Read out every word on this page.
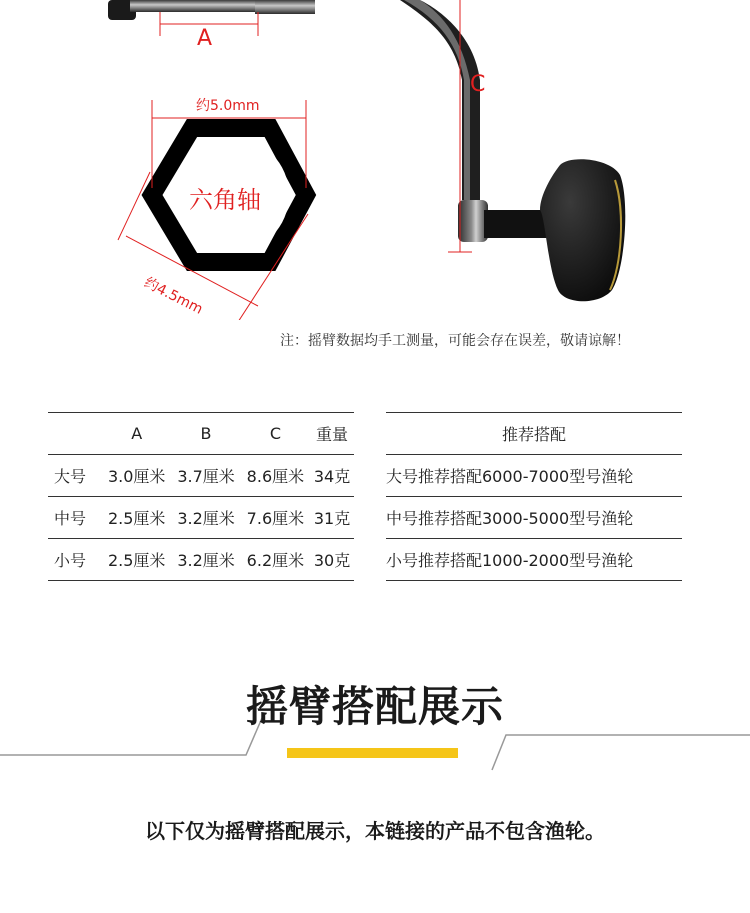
A
C
约5.0mm
六角轴
约4.5mm
注：摇臂数据均手工测量，可能会存在误差，敬请谅解！
	A	B	C	重量
大号	3.0厘米	3.7厘米	8.6厘米	34克
中号	2.5厘米	3.2厘米	7.6厘米	31克
小号	2.5厘米	3.2厘米	6.2厘米	30克
推荐搭配
大号推荐搭配6000-7000型号渔轮
中号推荐搭配3000-5000型号渔轮
小号推荐搭配1000-2000型号渔轮
摇臂搭配展示
以下仅为摇臂搭配展示，本链接的产品不包含渔轮。
